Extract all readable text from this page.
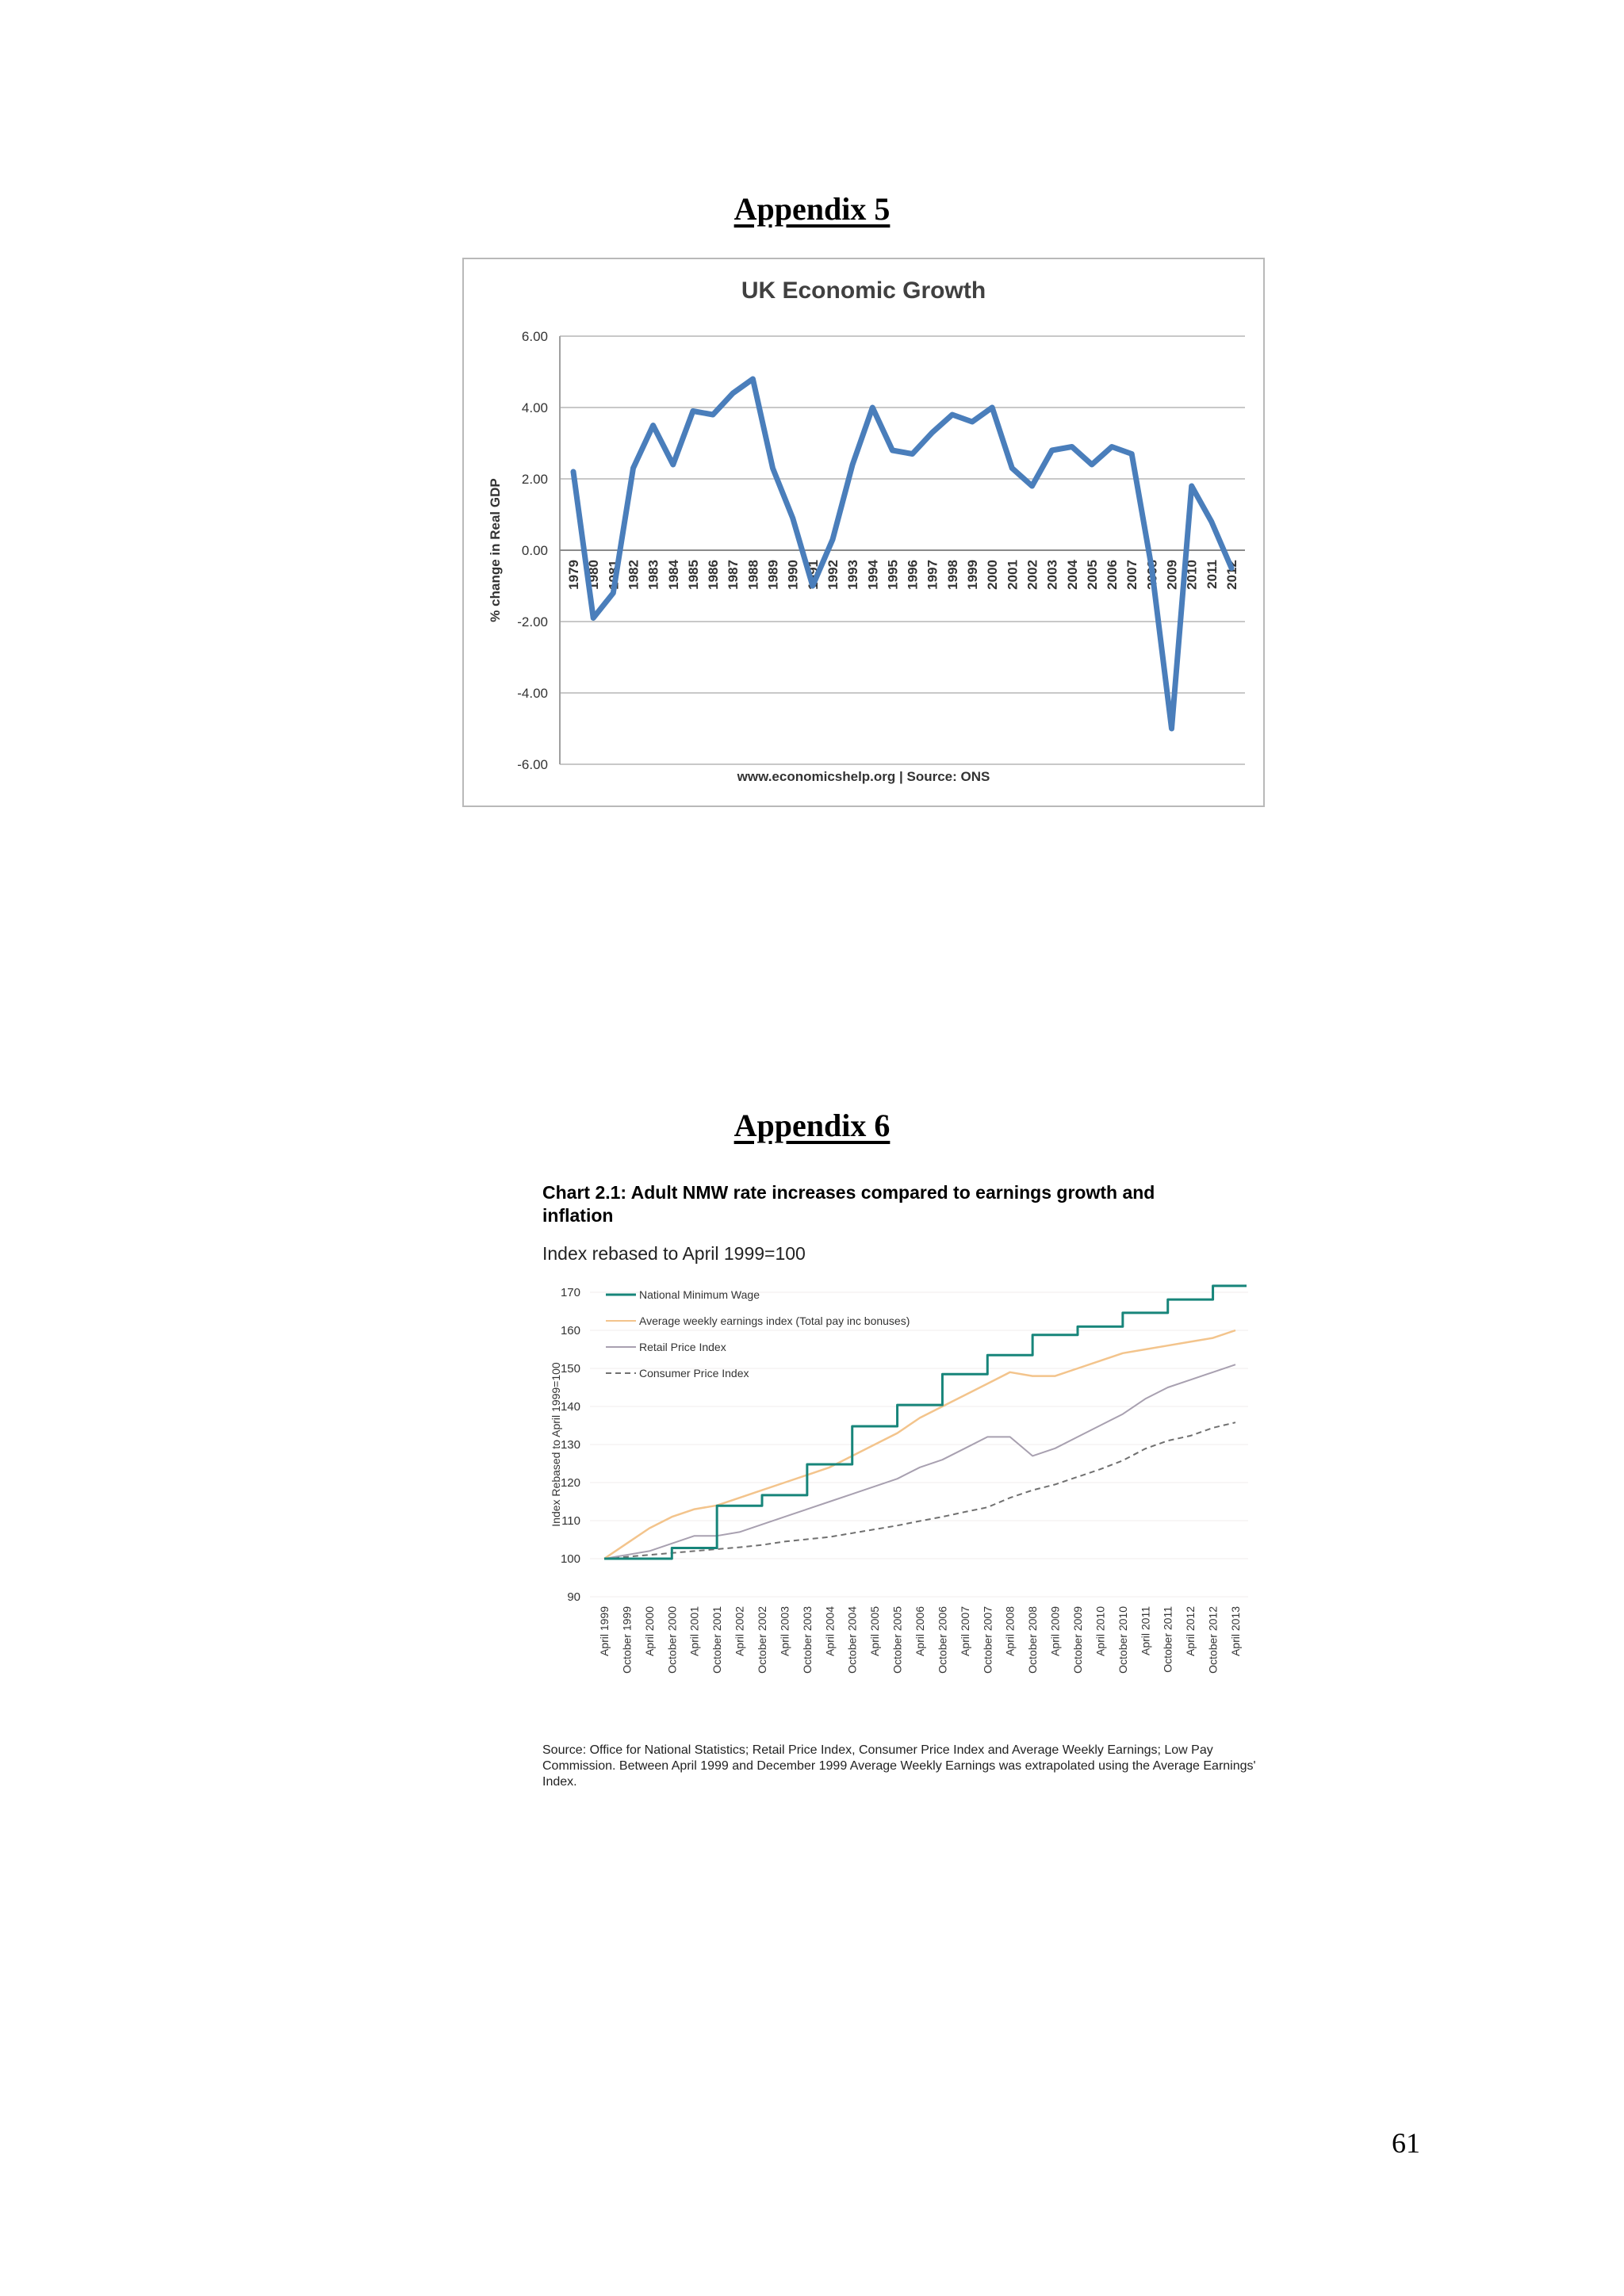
Appendix 5
UK Economic Growth
6.00
4.00
2.00
0.00
-2.00
-4.00
-6.00
% change in Real GDP	1979 1980 1981 1982 1983 1984 1985 1986 1987 1988 1989 1990 1991 1992 1993 1994 1995 1996 1997 1998 1999 2000 2001 2002 2003 2004 2005 2006 2007 2008 2009 2010 2011 2012
www.economicshelp.org | Source: ONS
Appendix 6
Chart 2.1: Adult NMW rate increases compared to earnings growth and inflation
Index rebased to April 1999=100
170
160
150
140
130
120
110
100
90
Index Rebased to April 1999=100
April 1999 October 1999 April 2000 October 2000 April 2001 October 2001 April 2002 October 2002 April 2003 October 2003 April 2004 October 2004 April 2005 October 2005 April 2006 October 2006 April 2007 October 2007 April 2008 October 2008 April 2009 October 2009 April 2010 October 2010 April 2011 October 2011 April 2012 October 2012 April 2013
National Minimum Wage
Average weekly earnings index (Total pay inc bonuses)
Retail Price Index
Consumer Price Index
Source: Office for National Statistics; Retail Price Index, Consumer Price Index and Average Weekly Earnings; Low Pay Commission. Between April 1999 and December 1999 Average Weekly Earnings was extrapolated using the Average Earnings' Index.
61
